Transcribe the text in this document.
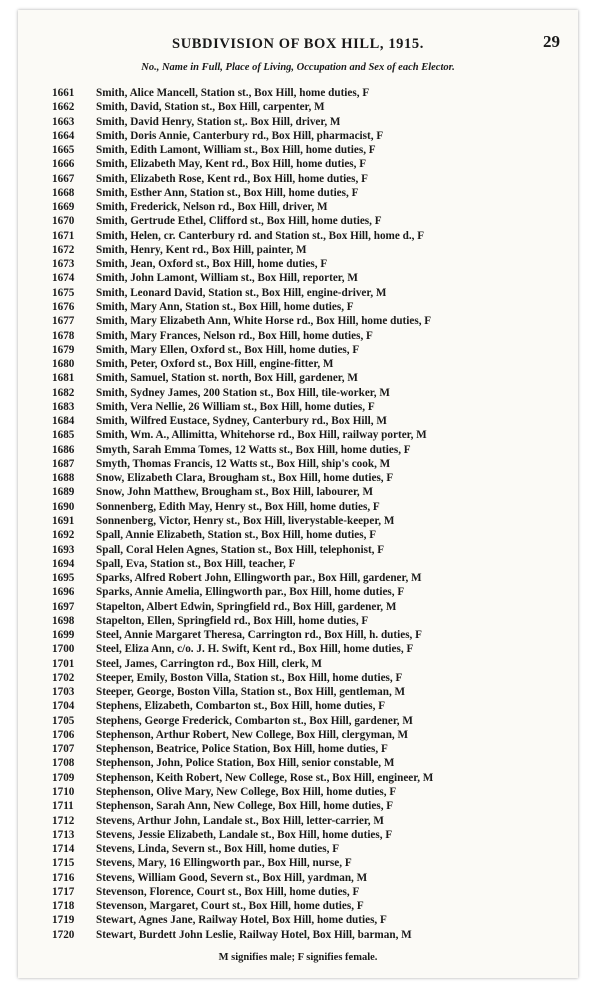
SUBDIVISION OF BOX HILL, 1915.	29
No., Name in Full, Place of Living, Occupation and Sex of each Elector.
1661	Smith, Alice Mancell, Station st., Box Hill, home duties, F
1662	Smith, David, Station st., Box Hill, carpenter, M
1663	Smith, David Henry, Station st,. Box Hill, driver, M
1664	Smith, Doris Annie, Canterbury rd., Box Hill, pharmacist, F
1665	Smith, Edith Lamont, William st., Box Hill, home duties, F
1666	Smith, Elizabeth May, Kent rd., Box Hill, home duties, F
1667	Smith, Elizabeth Rose, Kent rd., Box Hill, home duties, F
1668	Smith, Esther Ann, Station st., Box Hill, home duties, F
1669	Smith, Frederick, Nelson rd., Box Hill, driver, M
1670	Smith, Gertrude Ethel, Clifford st., Box Hill, home duties, F
1671	Smith, Helen, cr. Canterbury rd. and Station st., Box Hill, home d., F
1672	Smith, Henry, Kent rd., Box Hill, painter, M
1673	Smith, Jean, Oxford st., Box Hill, home duties, F
1674	Smith, John Lamont, William st., Box Hill, reporter, M
1675	Smith, Leonard David, Station st., Box Hill, engine-driver, M
1676	Smith, Mary Ann, Station st., Box Hill, home duties, F
1677	Smith, Mary Elizabeth Ann, White Horse rd., Box Hill, home duties, F
1678	Smith, Mary Frances, Nelson rd., Box Hill, home duties, F
1679	Smith, Mary Ellen, Oxford st., Box Hill, home duties, F
1680	Smith, Peter, Oxford st., Box Hill, engine-fitter, M
1681	Smith, Samuel, Station st. north, Box Hill, gardener, M
1682	Smith, Sydney James, 200 Station st., Box Hill, tile-worker, M
1683	Smith, Vera Nellie, 26 William st., Box Hill, home duties, F
1684	Smith, Wilfred Eustace, Sydney, Canterbury rd., Box Hill, M
1685	Smith, Wm. A., Allimitta, Whitehorse rd., Box Hill, railway porter, M
1686	Smyth, Sarah Emma Tomes, 12 Watts st., Box Hill, home duties, F
1687	Smyth, Thomas Francis, 12 Watts st., Box Hill, ship's cook, M
1688	Snow, Elizabeth Clara, Brougham st., Box Hill, home duties, F
1689	Snow, John Matthew, Brougham st., Box Hill, labourer, M
1690	Sonnenberg, Edith May, Henry st., Box Hill, home duties, F
1691	Sonnenberg, Victor, Henry st., Box Hill, liverystable-keeper, M
1692	Spall, Annie Elizabeth, Station st., Box Hill, home duties, F
1693	Spall, Coral Helen Agnes, Station st., Box Hill, telephonist, F
1694	Spall, Eva, Station st., Box Hill, teacher, F
1695	Sparks, Alfred Robert John, Ellingworth par., Box Hill, gardener, M
1696	Sparks, Annie Amelia, Ellingworth par., Box Hill, home duties, F
1697	Stapelton, Albert Edwin, Springfield rd., Box Hill, gardener, M
1698	Stapelton, Ellen, Springfield rd., Box Hill, home duties, F
1699	Steel, Annie Margaret Theresa, Carrington rd., Box Hill, h. duties, F
1700	Steel, Eliza Ann, c/o. J. H. Swift, Kent rd., Box Hill, home duties, F
1701	Steel, James, Carrington rd., Box Hill, clerk, M
1702	Steeper, Emily, Boston Villa, Station st., Box Hill, home duties, F
1703	Steeper, George, Boston Villa, Station st., Box Hill, gentleman, M
1704	Stephens, Elizabeth, Combarton st., Box Hill, home duties, F
1705	Stephens, George Frederick, Combarton st., Box Hill, gardener, M
1706	Stephenson, Arthur Robert, New College, Box Hill, clergyman, M
1707	Stephenson, Beatrice, Police Station, Box Hill, home duties, F
1708	Stephenson, John, Police Station, Box Hill, senior constable, M
1709	Stephenson, Keith Robert, New College, Rose st., Box Hill, engineer, M
1710	Stephenson, Olive Mary, New College, Box Hill, home duties, F
1711	Stephenson, Sarah Ann, New College, Box Hill, home duties, F
1712	Stevens, Arthur John, Landale st., Box Hill, letter-carrier, M
1713	Stevens, Jessie Elizabeth, Landale st., Box Hill, home duties, F
1714	Stevens, Linda, Severn st., Box Hill, home duties, F
1715	Stevens, Mary, 16 Ellingworth par., Box Hill, nurse, F
1716	Stevens, William Good, Severn st., Box Hill, yardman, M
1717	Stevenson, Florence, Court st., Box Hill, home duties, F
1718	Stevenson, Margaret, Court st., Box Hill, home duties, F
1719	Stewart, Agnes Jane, Railway Hotel, Box Hill, home duties, F
1720	Stewart, Burdett John Leslie, Railway Hotel, Box Hill, barman, M
M signifies male; F signifies female.
